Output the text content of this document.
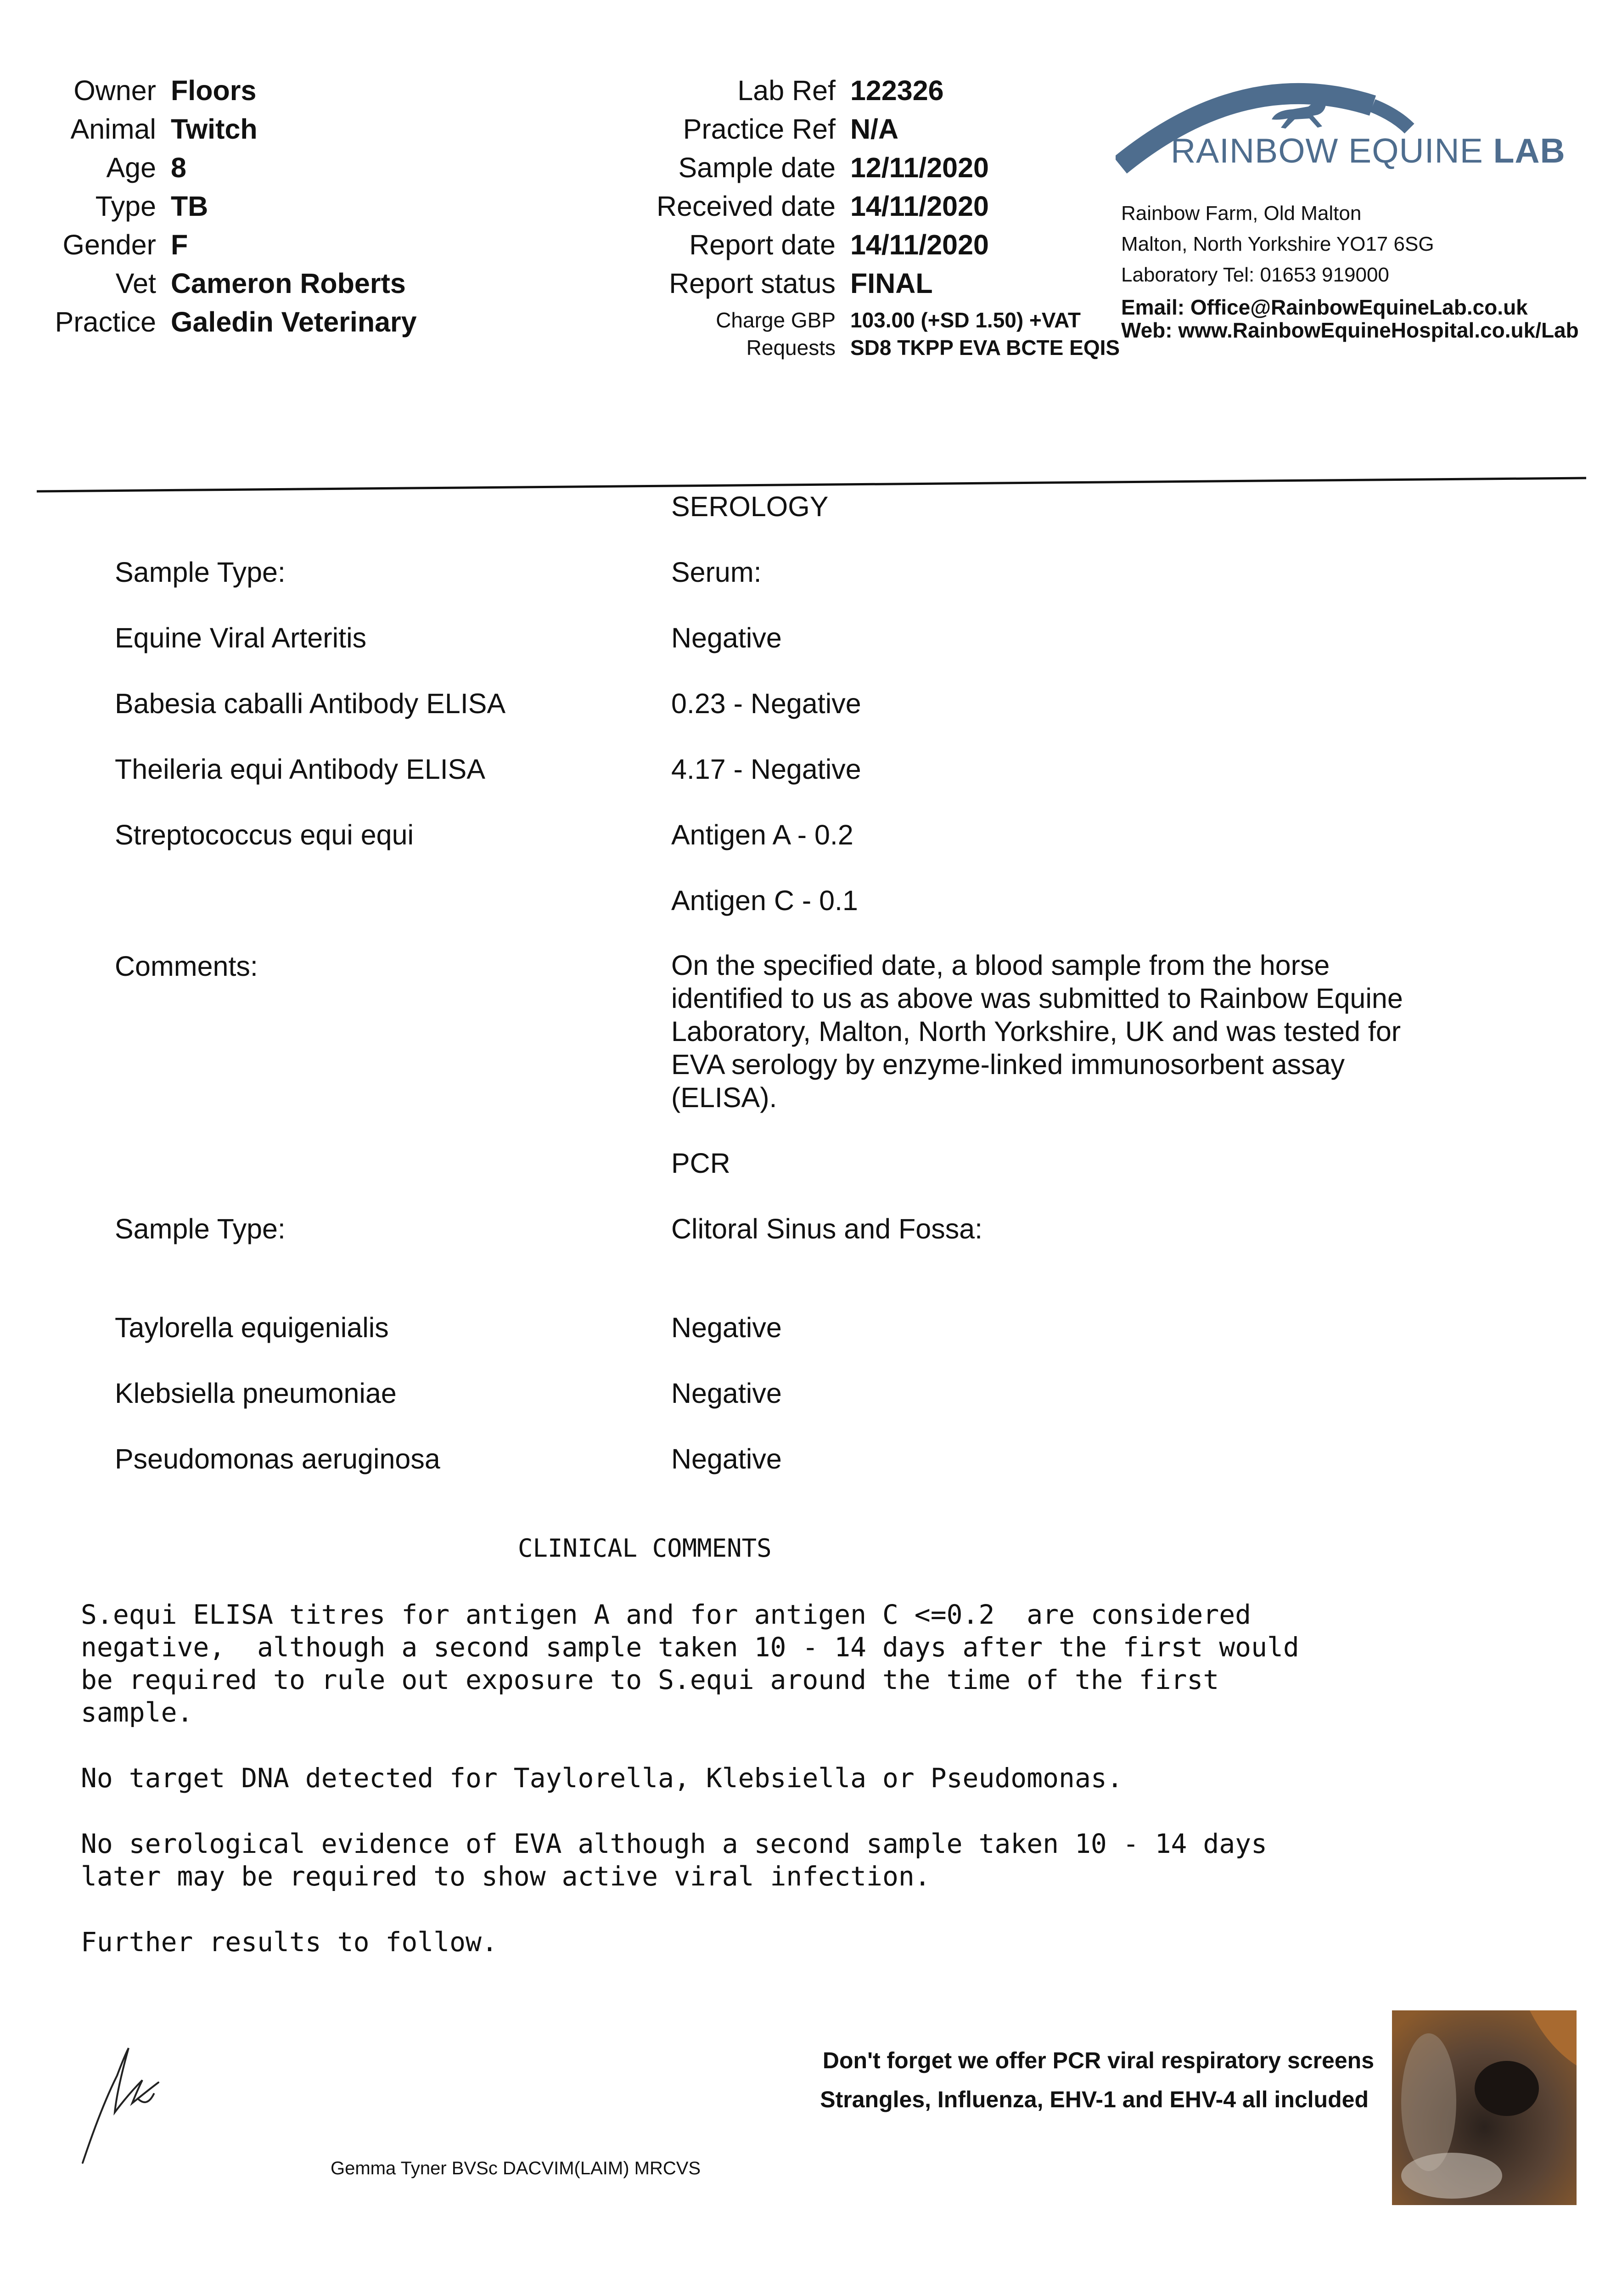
Owner Floors
Animal Twitch
Age 8
Type TB
Gender F
Vet Cameron Roberts
Practice Galedin Veterinary
Lab Ref 122326
Practice Ref N/A
Sample date 12/11/2020
Received date 14/11/2020
Report date 14/11/2020
Report status FINAL
Charge GBP 103.00 (+SD 1.50) +VAT
Requests SD8 TKPP EVA BCTE EQIS
RAINBOW EQUINE LAB
Rainbow Farm, Old Malton
Malton, North Yorkshire YO17 6SG
Laboratory Tel: 01653 919000
Email: Office@RainbowEquineLab.co.uk
Web: www.RainbowEquineHospital.co.uk/Lab
SEROLOGY
Sample Type:	Serum:
Equine Viral Arteritis	Negative
Babesia caballi Antibody ELISA	0.23 - Negative
Theileria equi Antibody ELISA	4.17 - Negative
Streptococcus equi equi	Antigen A - 0.2
Antigen C - 0.1
Comments:	On the specified date, a blood sample from the horse identified to us as above was submitted to Rainbow Equine Laboratory, Malton, North Yorkshire, UK and was tested for EVA serology by enzyme-linked immunosorbent assay (ELISA).
PCR
Sample Type:	Clitoral Sinus and Fossa:
Taylorella equigenialis	Negative
Klebsiella pneumoniae	Negative
Pseudomonas aeruginosa	Negative
CLINICAL COMMENTS
S.equi ELISA titres for antigen A and for antigen C <=0.2  are considered
negative,  although a second sample taken 10 - 14 days after the first would
be required to rule out exposure to S.equi around the time of the first
sample.
No target DNA detected for Taylorella, Klebsiella or Pseudomonas.
No serological evidence of EVA although a second sample taken 10 - 14 days
later may be required to show active viral infection.
Further results to follow.
Don't forget we offer PCR viral respiratory screens
Strangles, Influenza, EHV-1 and EHV-4 all included
Gemma Tyner BVSc DACVIM(LAIM) MRCVS
